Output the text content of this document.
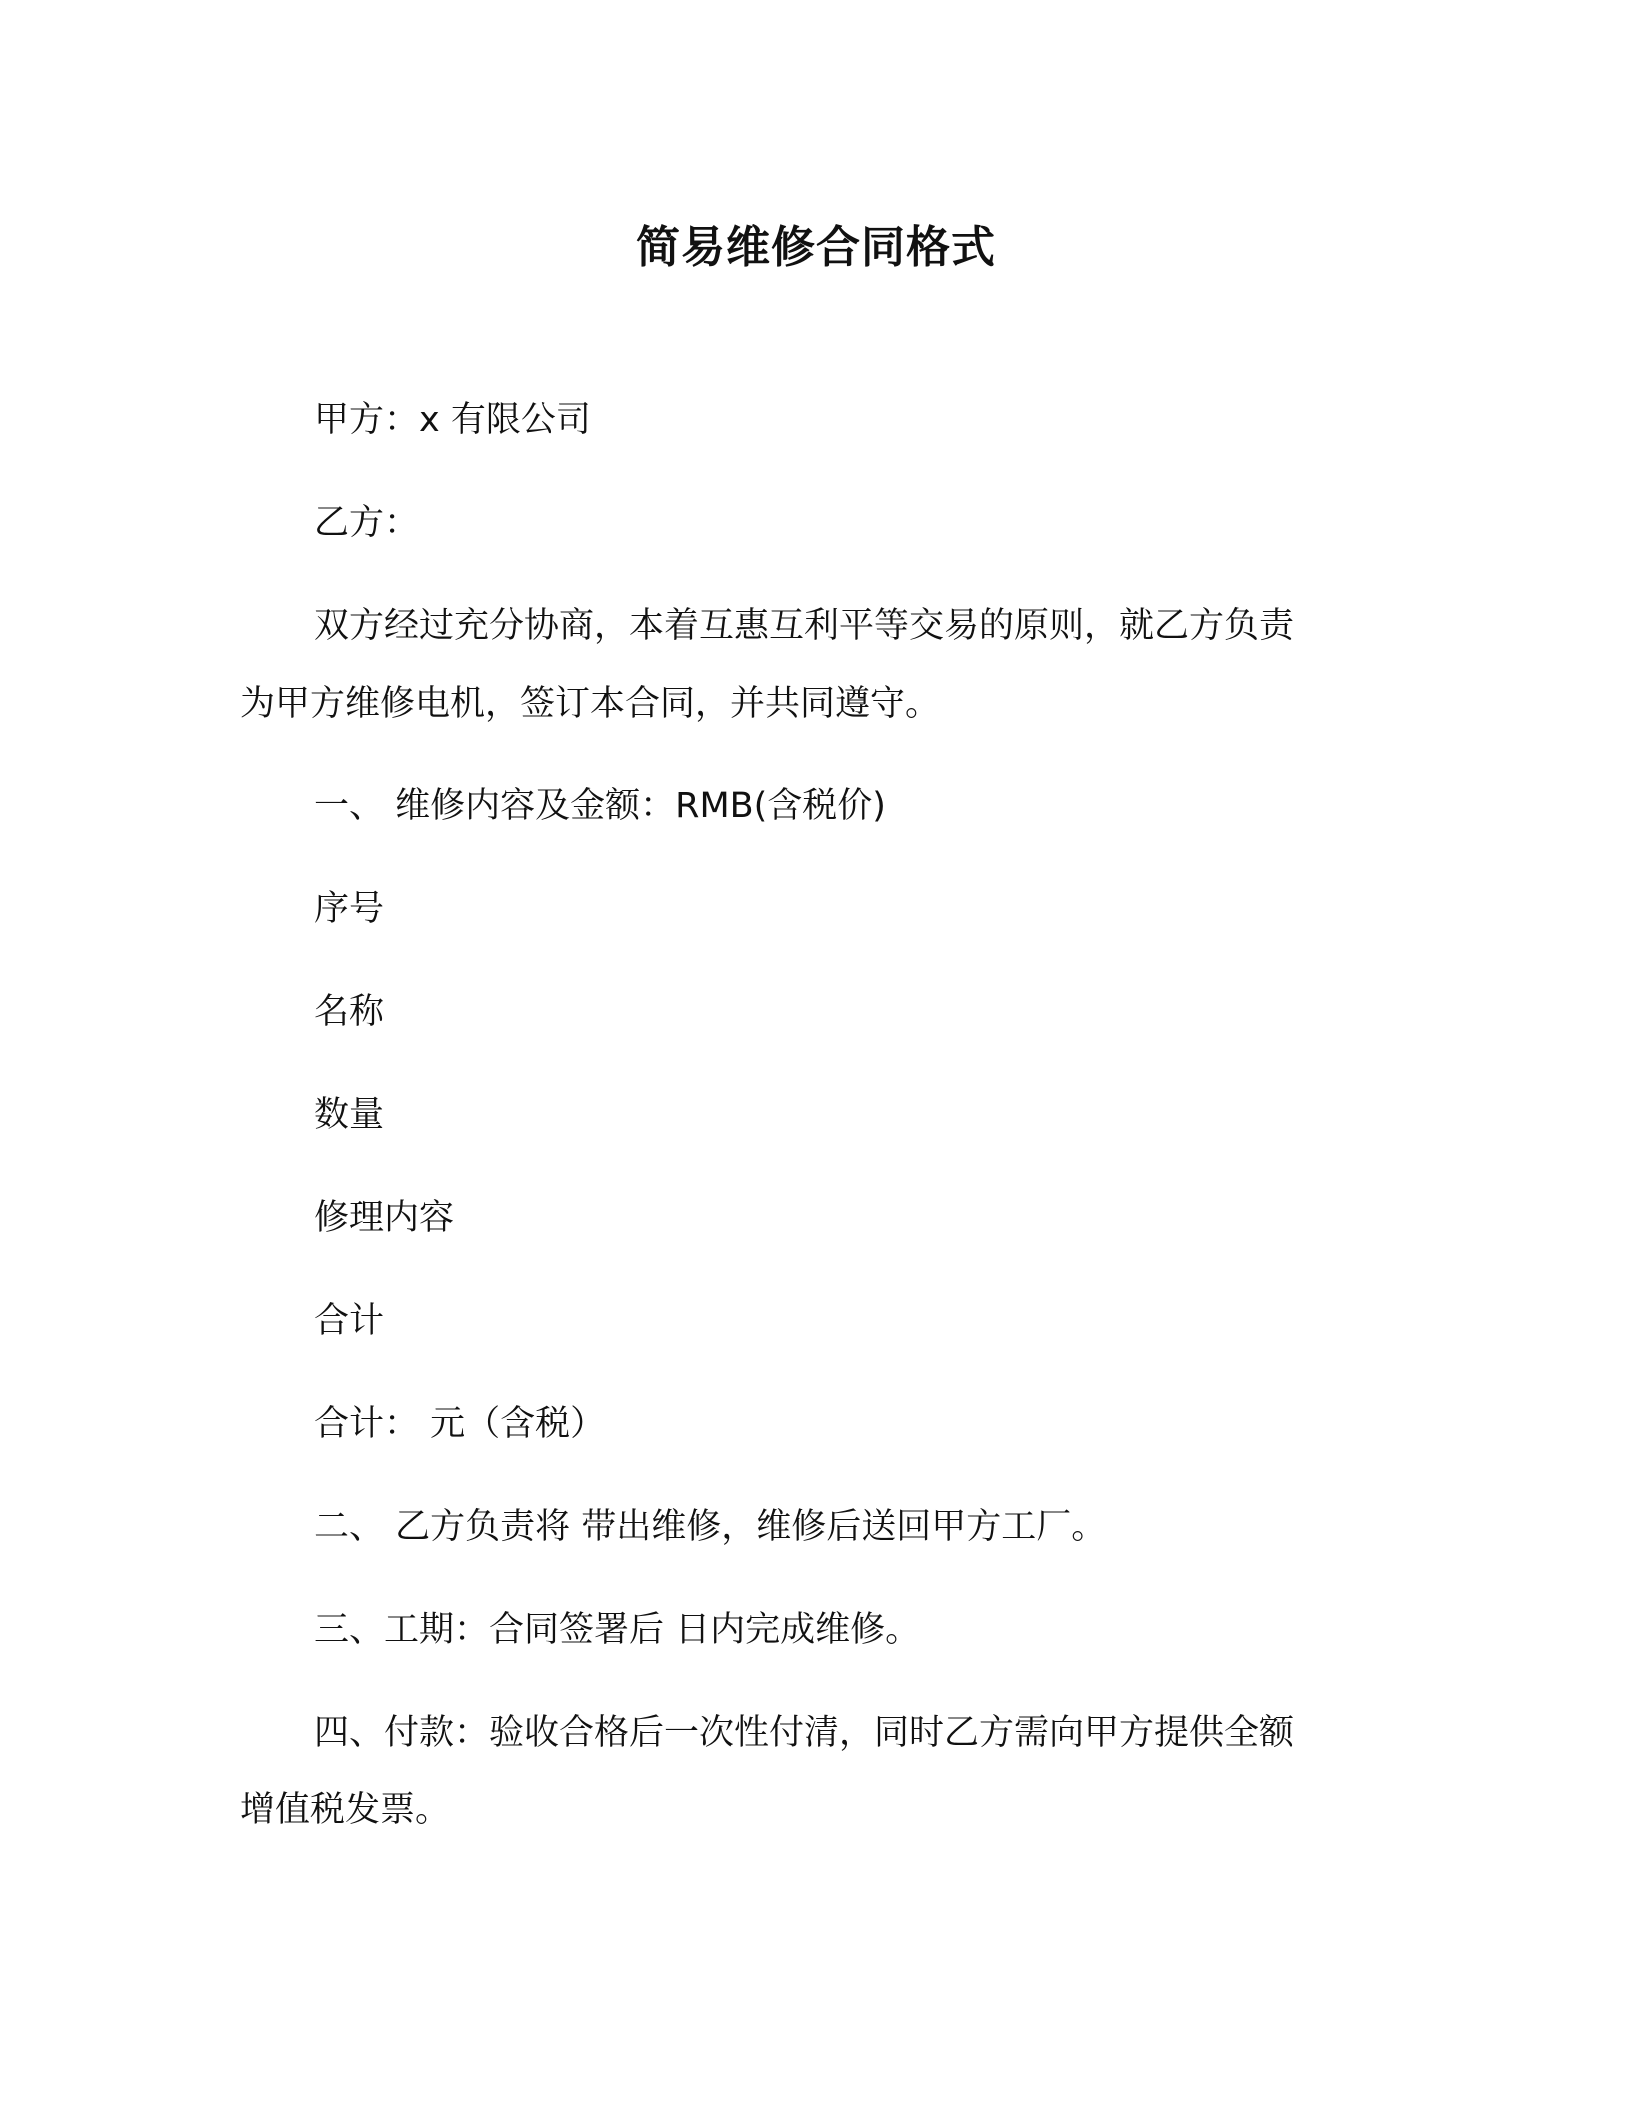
简易维修合同格式
甲方：x 有限公司
乙方：
双方经过充分协商，本着互惠互利平等交易的原则，就乙方负责
为甲方维修电机，签订本合同，并共同遵守。
一、 维修内容及金额：RMB(含税价)
序号
名称
数量
修理内容
合计
合计： 元（含税）
二、 乙方负责将 带出维修，维修后送回甲方工厂。
三、工期：合同签署后 日内完成维修。
四、付款：验收合格后一次性付清，同时乙方需向甲方提供全额
增值税发票。
